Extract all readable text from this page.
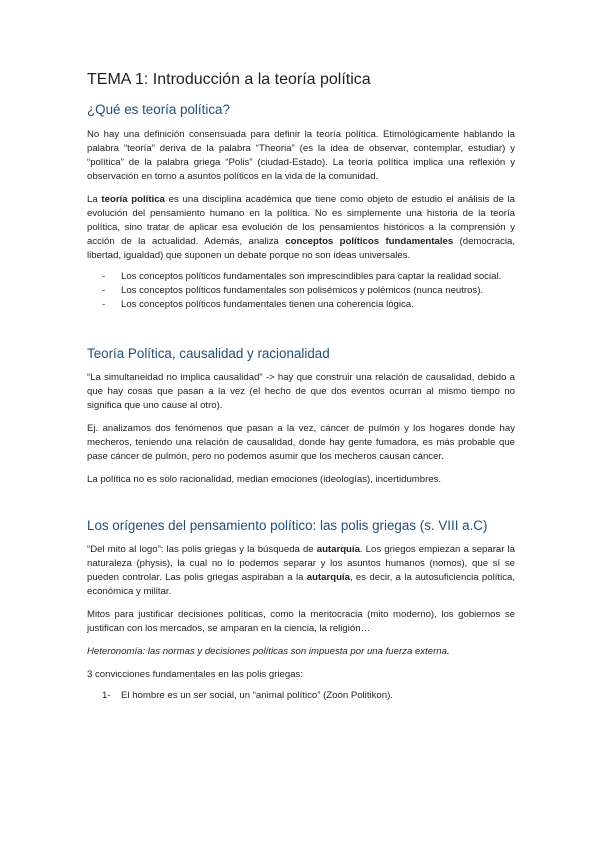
TEMA 1: Introducción a la teoría política
¿Qué es teoría política?

No hay una definición consensuada para definir la teoría política. Etimológicamente hablando la palabra “teoría” deriva de la palabra “Theoria” (es la idea de observar, contemplar, estudiar) y “política” de la palabra griega “Polis” (ciudad-Estado). La teoría política implica una reflexión y observación en torno a asuntos políticos en la vida de la comunidad.

La teoría política es una disciplina académica que tiene como objeto de estudio el análisis de la evolución del pensamiento humano en la política. No es simplemente una historia de la teoría política, sino tratar de aplicar esa evolución de los pensamientos históricos a la comprensión y acción de la actualidad. Además, analiza conceptos políticos fundamentales (democracia, libertad, igualdad) que suponen un debate porque no son ideas universales.

- Los conceptos políticos fundamentales son imprescindibles para captar la realidad social.
- Los conceptos políticos fundamentales son polisémicos y polémicos (nunca neutros).
- Los conceptos políticos fundamentales tienen una coherencia lógica.
Teoría Política, causalidad y racionalidad

“La simultaneidad no implica causalidad” -> hay que construir una relación de causalidad, debido a que hay cosas que pasan a la vez (el hecho de que dos eventos ocurran al mismo tiempo no significa que uno cause al otro).

Ej. analizamos dos fenómenos que pasan a la vez, cáncer de pulmón y los hogares donde hay mecheros, teniendo una relación de causalidad, donde hay gente fumadora, es más probable que pase cáncer de pulmón, pero no podemos asumir que los mecheros causan cáncer.

La política no es solo racionalidad, median emociones (ideologías), incertidumbres.

Los orígenes del pensamiento político: las polis griegas (s. VIII a.C)

“Del mito al logo”: las polis griegas y la búsqueda de autarquía. Los griegos empiezan a separar la naturaleza (physis), la cual no lo podemos separar y los asuntos humanos (nomos), que sí se pueden controlar. Las polis griegas aspiraban a la autarquía, es decir, a la autosuficiencia política, económica y militar.

Mitos para justificar decisiones políticas, como la meritocracia (mito moderno), los gobiernos se justifican con los mercados, se amparan en la ciencia, la religión…

Heteronomía: las normas y decisiones políticas son impuesta por una fuerza externa.

3 convicciones fundamentales en las polis griegas:

1- El hombre es un ser social, un “animal político” (Zoon Politikon).
